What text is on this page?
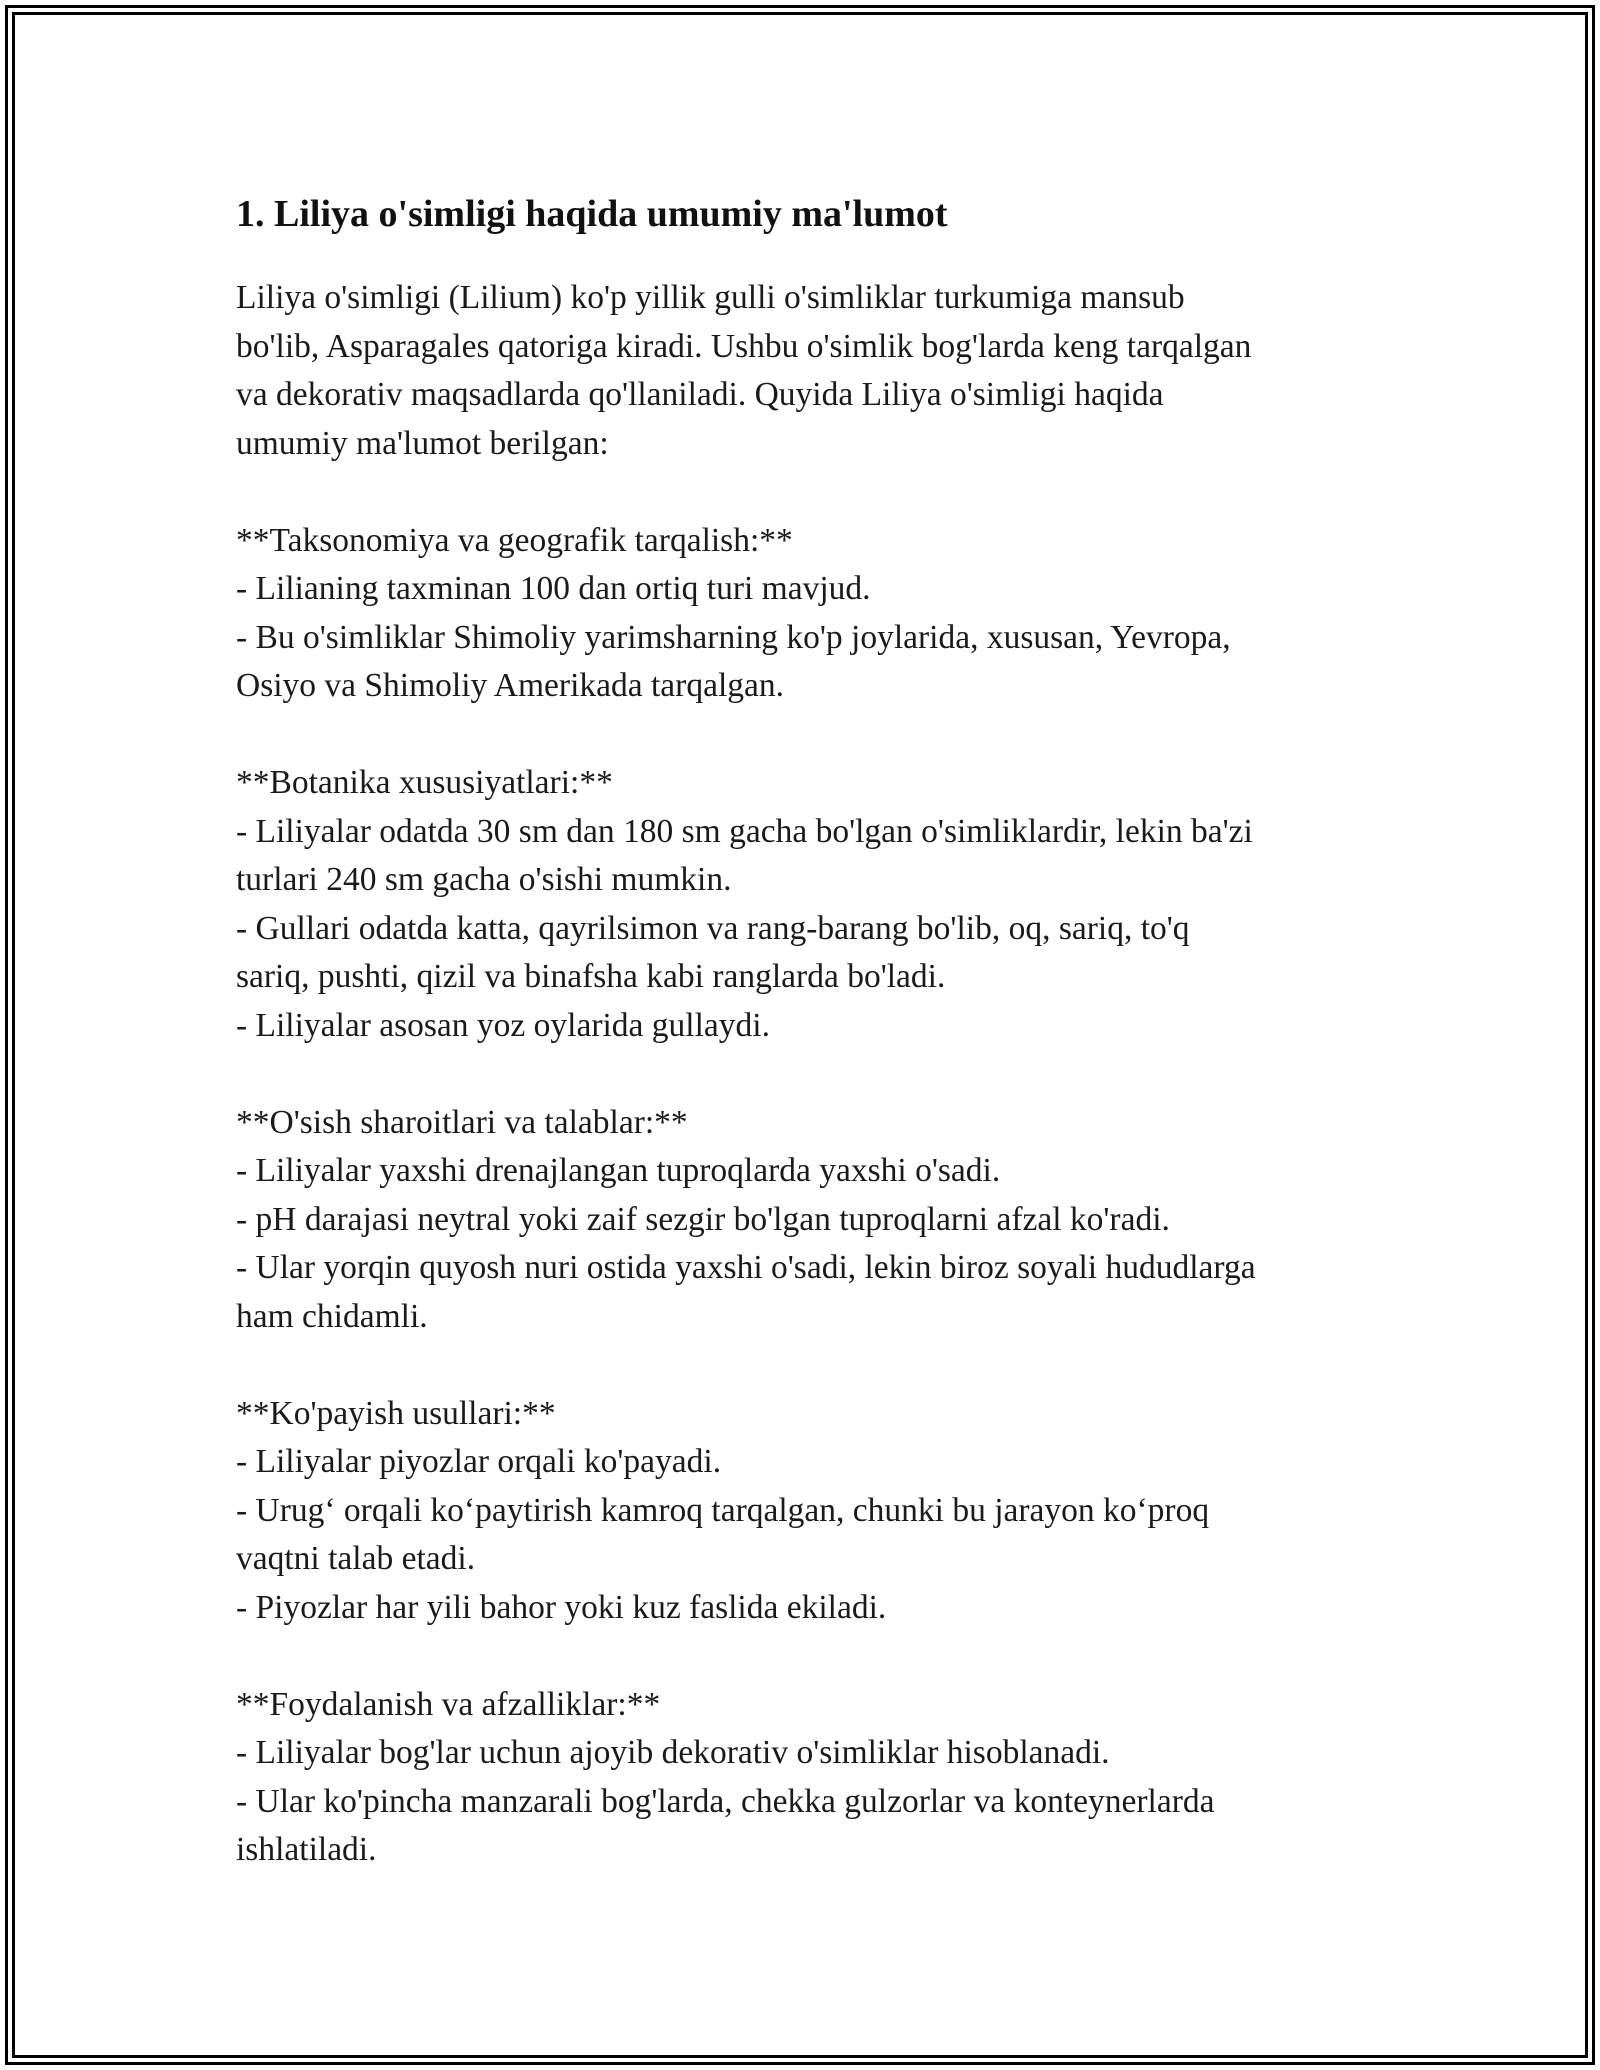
1. Liliya o'simligi haqida umumiy ma'lumot

Liliya o'simligi (Lilium) ko'p yillik gulli o'simliklar turkumiga mansub

bo'lib, Asparagales qatoriga kiradi. Ushbu o'simlik bog'larda keng tarqalgan

va dekorativ maqsadlarda qo'llaniladi. Quyida Liliya o'simligi haqida

umumiy ma'lumot berilgan:

**Taksonomiya va geografik tarqalish:**

- Lilianing taxminan 100 dan ortiq turi mavjud.

- Bu o'simliklar Shimoliy yarimsharning ko'p joylarida, xususan, Yevropa,

Osiyo va Shimoliy Amerikada tarqalgan.

**Botanika xususiyatlari:**

- Liliyalar odatda 30 sm dan 180 sm gacha bo'lgan o'simliklardir, lekin ba'zi

turlari 240 sm gacha o'sishi mumkin.

- Gullari odatda katta, qayrilsimon va rang-barang bo'lib, oq, sariq, to'q

sariq, pushti, qizil va binafsha kabi ranglarda bo'ladi.

- Liliyalar asosan yoz oylarida gullaydi.

**O'sish sharoitlari va talablar:**

- Liliyalar yaxshi drenajlangan tuproqlarda yaxshi o'sadi.

- pH darajasi neytral yoki zaif sezgir bo'lgan tuproqlarni afzal ko'radi.

- Ular yorqin quyosh nuri ostida yaxshi o'sadi, lekin biroz soyali hududlarga

ham chidamli.

**Ko'payish usullari:**

- Liliyalar piyozlar orqali ko'payadi.

- Urug‘ orqali ko‘paytirish kamroq tarqalgan, chunki bu jarayon ko‘proq

vaqtni talab etadi.

- Piyozlar har yili bahor yoki kuz faslida ekiladi.

**Foydalanish va afzalliklar:**

- Liliyalar bog'lar uchun ajoyib dekorativ o'simliklar hisoblanadi.

- Ular ko'pincha manzarali bog'larda, chekka gulzorlar va konteynerlarda

ishlatiladi.
